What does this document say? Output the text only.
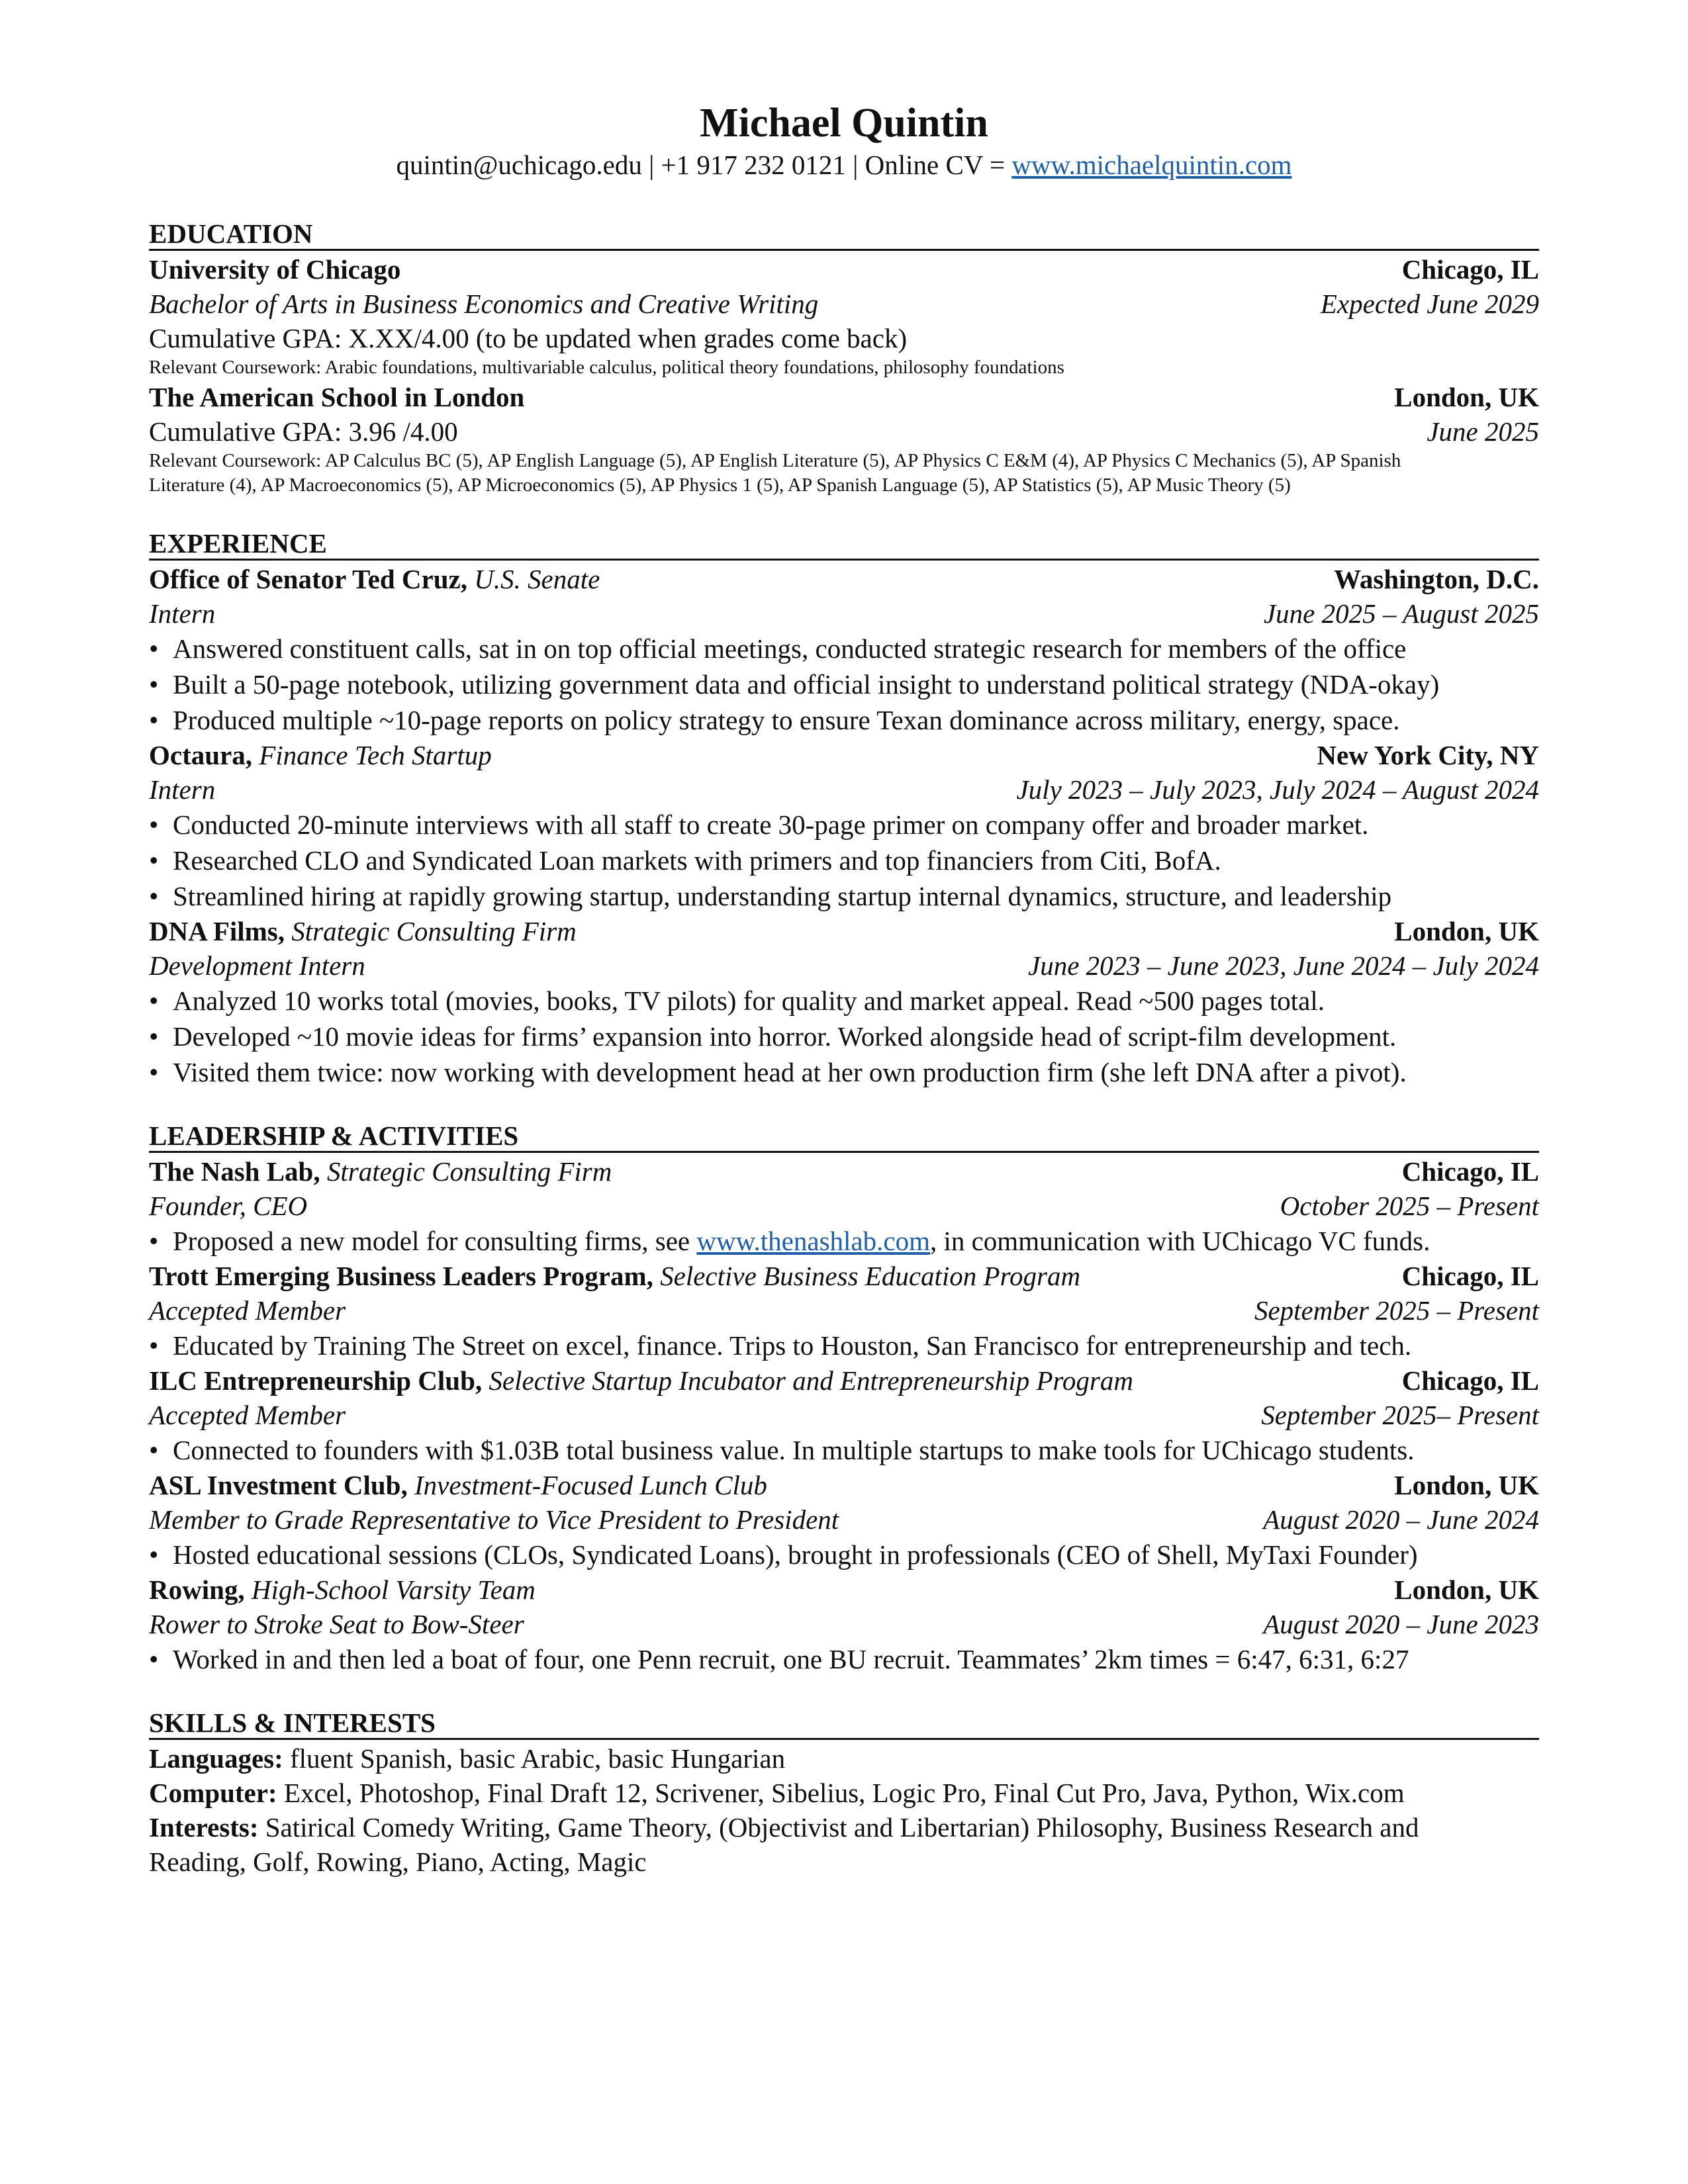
Michael Quintin

quintin@uchicago.edu | +1 917 232 0121 | Online CV = www.michaelquintin.com

EDUCATION
University of Chicago	Chicago, IL
Bachelor of Arts in Business Economics and Creative Writing	Expected June 2029
Cumulative GPA: X.XX/4.00 (to be updated when grades come back)
Relevant Coursework: Arabic foundations, multivariable calculus, political theory foundations, philosophy foundations
The American School in London	London, UK
Cumulative GPA: 3.96 /4.00	June 2025
Relevant Coursework: AP Calculus BC (5), AP English Language (5), AP English Literature (5), AP Physics C E&M (4), AP Physics C Mechanics (5), AP Spanish
Literature (4), AP Macroeconomics (5), AP Microeconomics (5), AP Physics 1 (5), AP Spanish Language (5), AP Statistics (5), AP Music Theory (5)
EXPERIENCE
Office of Senator Ted Cruz, U.S. Senate	Washington, D.C.
Intern	June 2025 – August 2025
• Answered constituent calls, sat in on top official meetings, conducted strategic research for members of the office
• Built a 50-page notebook, utilizing government data and official insight to understand political strategy (NDA-okay)
• Produced multiple ~10-page reports on policy strategy to ensure Texan dominance across military, energy, space.
Octaura, Finance Tech Startup	New York City, NY
Intern	July 2023 – July 2023, July 2024 – August 2024
• Conducted 20-minute interviews with all staff to create 30-page primer on company offer and broader market.
• Researched CLO and Syndicated Loan markets with primers and top financiers from Citi, BofA.
• Streamlined hiring at rapidly growing startup, understanding startup internal dynamics, structure, and leadership
DNA Films, Strategic Consulting Firm	London, UK
Development Intern	June 2023 – June 2023, June 2024 – July 2024
• Analyzed 10 works total (movies, books, TV pilots) for quality and market appeal. Read ~500 pages total.
• Developed ~10 movie ideas for firms’ expansion into horror. Worked alongside head of script-film development.
• Visited them twice: now working with development head at her own production firm (she left DNA after a pivot).
LEADERSHIP & ACTIVITIES
The Nash Lab, Strategic Consulting Firm	Chicago, IL
Founder, CEO	October 2025 – Present
• Proposed a new model for consulting firms, see www.thenashlab.com, in communication with UChicago VC funds.
Trott Emerging Business Leaders Program, Selective Business Education Program	Chicago, IL
Accepted Member	September 2025 – Present
• Educated by Training The Street on excel, finance. Trips to Houston, San Francisco for entrepreneurship and tech.
ILC Entrepreneurship Club, Selective Startup Incubator and Entrepreneurship Program	Chicago, IL
Accepted Member	September 2025– Present
• Connected to founders with $1.03B total business value. In multiple startups to make tools for UChicago students.
ASL Investment Club, Investment-Focused Lunch Club	London, UK
Member to Grade Representative to Vice President to President	August 2020 – June 2024
• Hosted educational sessions (CLOs, Syndicated Loans), brought in professionals (CEO of Shell, MyTaxi Founder)
Rowing, High-School Varsity Team	London, UK
Rower to Stroke Seat to Bow-Steer	August 2020 – June 2023
• Worked in and then led a boat of four, one Penn recruit, one BU recruit. Teammates’ 2km times = 6:47, 6:31, 6:27
SKILLS & INTERESTS
Languages: fluent Spanish, basic Arabic, basic Hungarian
Computer: Excel, Photoshop, Final Draft 12, Scrivener, Sibelius, Logic Pro, Final Cut Pro, Java, Python, Wix.com
Interests: Satirical Comedy Writing, Game Theory, (Objectivist and Libertarian) Philosophy, Business Research and
Reading, Golf, Rowing, Piano, Acting, Magic
